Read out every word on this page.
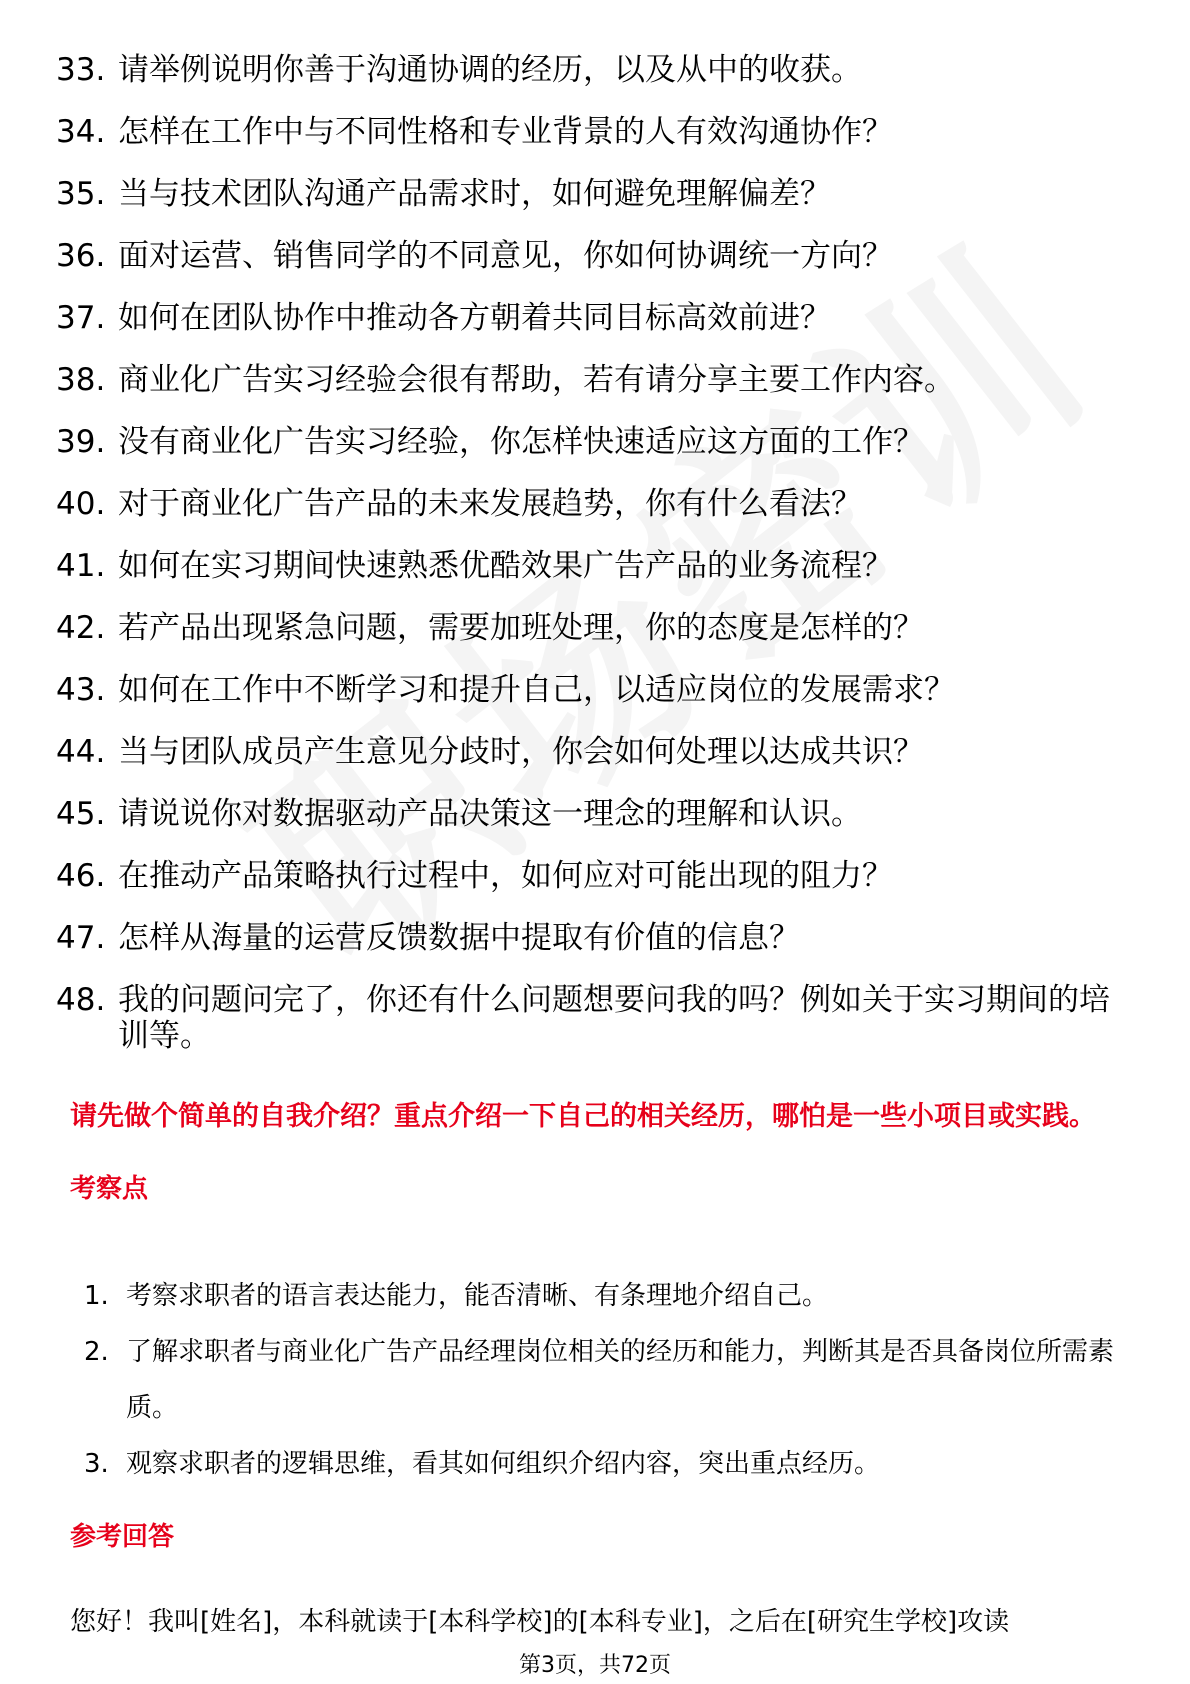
33. 请举例说明你善于沟通协调的经历，以及从中的收获。
34. 怎样在工作中与不同性格和专业背景的人有效沟通协作？
35. 当与技术团队沟通产品需求时，如何避免理解偏差？
36. 面对运营、销售同学的不同意见，你如何协调统一方向？
37. 如何在团队协作中推动各方朝着共同目标高效前进？
38. 商业化广告实习经验会很有帮助，若有请分享主要工作内容。
39. 没有商业化广告实习经验，你怎样快速适应这方面的工作？
40. 对于商业化广告产品的未来发展趋势，你有什么看法？
41. 如何在实习期间快速熟悉优酷效果广告产品的业务流程？
42. 若产品出现紧急问题，需要加班处理，你的态度是怎样的？
43. 如何在工作中不断学习和提升自己，以适应岗位的发展需求？
44. 当与团队成员产生意见分歧时，你会如何处理以达成共识？
45. 请说说你对数据驱动产品决策这一理念的理解和认识。
46. 在推动产品策略执行过程中，如何应对可能出现的阻力？
47. 怎样从海量的运营反馈数据中提取有价值的信息？
48. 我的问题问完了，你还有什么问题想要问我的吗？例如关于实习期间的培训等。
请先做个简单的自我介绍？重点介绍一下自己的相关经历，哪怕是一些小项目或实践。
考察点
1. 考察求职者的语言表达能力，能否清晰、有条理地介绍自己。
2. 了解求职者与商业化广告产品经理岗位相关的经历和能力，判断其是否具备岗位所需素质。
3. 观察求职者的逻辑思维，看其如何组织介绍内容，突出重点经历。
参考回答
您好！我叫[姓名]，本科就读于[本科学校]的[本科专业]，之后在[研究生学校]攻读
第3页，共72页
